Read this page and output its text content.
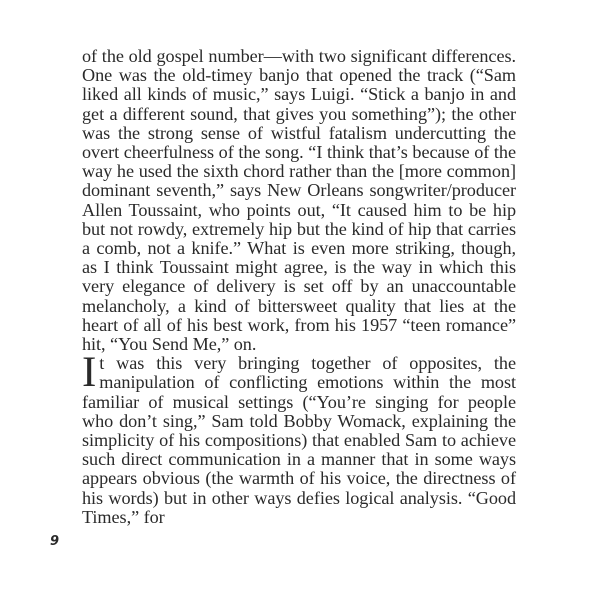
of the old gospel number—with two significant differences. One was the old-timey banjo that opened the track (“Sam liked all kinds of music,” says Luigi. “Stick a banjo in and get a different sound, that gives you something”); the other was the strong sense of wistful fatalism undercutting the overt cheerfulness of the song. “I think that’s because of the way he used the sixth chord rather than the [more common] dominant seventh,” says New Orleans songwriter/producer Allen Toussaint, who points out, “It caused him to be hip but not rowdy, extremely hip but the kind of hip that carries a comb, not a knife.” What is even more striking, though, as I think Toussaint might agree, is the way in which this very elegance of delivery is set off by an unaccountable melancholy, a kind of bittersweet quality that lies at the heart of all of his best work, from his 1957 “teen romance” hit, “You Send Me,” on.

It was this very bringing together of opposites, the manipulation of conflicting emotions within the most familiar of musical settings (“You’re singing for people who don’t sing,” Sam told Bobby Womack, explaining the simplicity of his compositions) that enabled Sam to achieve such direct communication in a manner that in some ways appears obvious (the warmth of his voice, the directness of his words) but in other ways defies logical analysis. “Good Times,” for

9
